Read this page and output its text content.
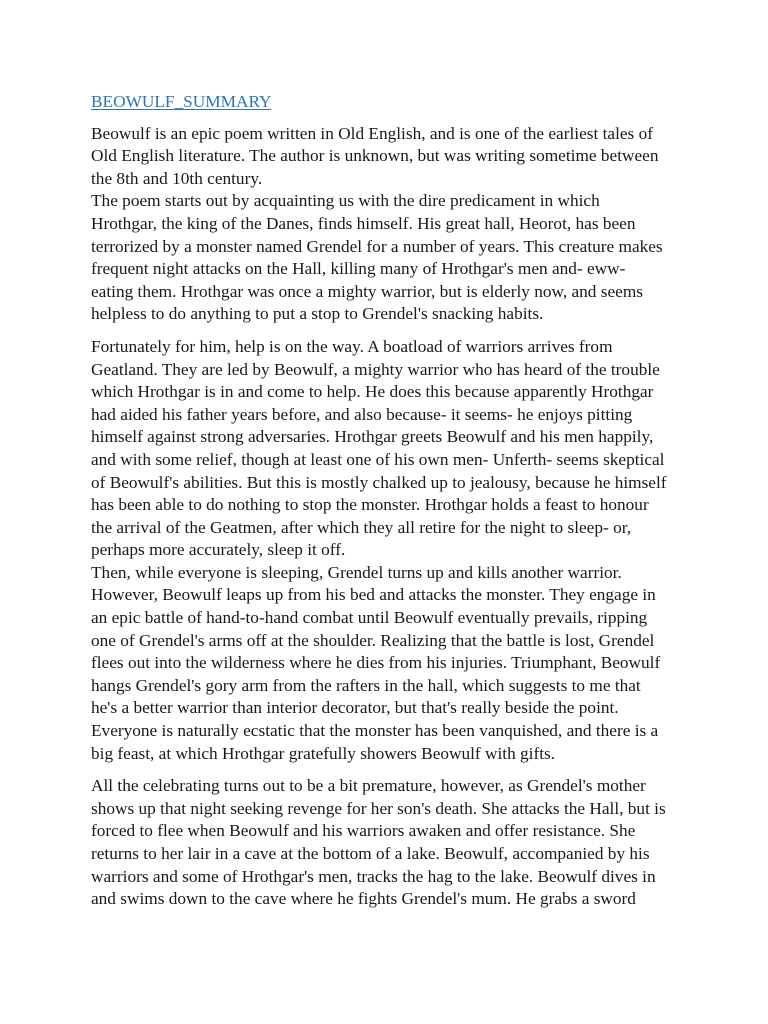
BEOWULF_SUMMARY

Beowulf is an epic poem written in Old English, and is one of the earliest tales of
Old English literature. The author is unknown, but was writing sometime between
the 8th and 10th century.

The poem starts out by acquainting us with the dire predicament in which
Hrothgar, the king of the Danes, finds himself. His great hall, Heorot, has been
terrorized by a monster named Grendel for a number of years. This creature makes
frequent night attacks on the Hall, killing many of Hrothgar's men and- eww-
eating them. Hrothgar was once a mighty warrior, but is elderly now, and seems
helpless to do anything to put a stop to Grendel's snacking habits.

Fortunately for him, help is on the way. A boatload of warriors arrives from
Geatland. They are led by Beowulf, a mighty warrior who has heard of the trouble
which Hrothgar is in and come to help. He does this because apparently Hrothgar
had aided his father years before, and also because- it seems- he enjoys pitting
himself against strong adversaries. Hrothgar greets Beowulf and his men happily,
and with some relief, though at least one of his own men- Unferth- seems skeptical
of Beowulf's abilities. But this is mostly chalked up to jealousy, because he himself
has been able to do nothing to stop the monster. Hrothgar holds a feast to honour
the arrival of the Geatmen, after which they all retire for the night to sleep- or,
perhaps more accurately, sleep it off.

Then, while everyone is sleeping, Grendel turns up and kills another warrior.
However, Beowulf leaps up from his bed and attacks the monster. They engage in
an epic battle of hand-to-hand combat until Beowulf eventually prevails, ripping
one of Grendel's arms off at the shoulder. Realizing that the battle is lost, Grendel
flees out into the wilderness where he dies from his injuries. Triumphant, Beowulf
hangs Grendel's gory arm from the rafters in the hall, which suggests to me that
he's a better warrior than interior decorator, but that's really beside the point.
Everyone is naturally ecstatic that the monster has been vanquished, and there is a
big feast, at which Hrothgar gratefully showers Beowulf with gifts.

All the celebrating turns out to be a bit premature, however, as Grendel's mother
shows up that night seeking revenge for her son's death. She attacks the Hall, but is
forced to flee when Beowulf and his warriors awaken and offer resistance. She
returns to her lair in a cave at the bottom of a lake. Beowulf, accompanied by his
warriors and some of Hrothgar's men, tracks the hag to the lake. Beowulf dives in
and swims down to the cave where he fights Grendel's mum. He grabs a sword
